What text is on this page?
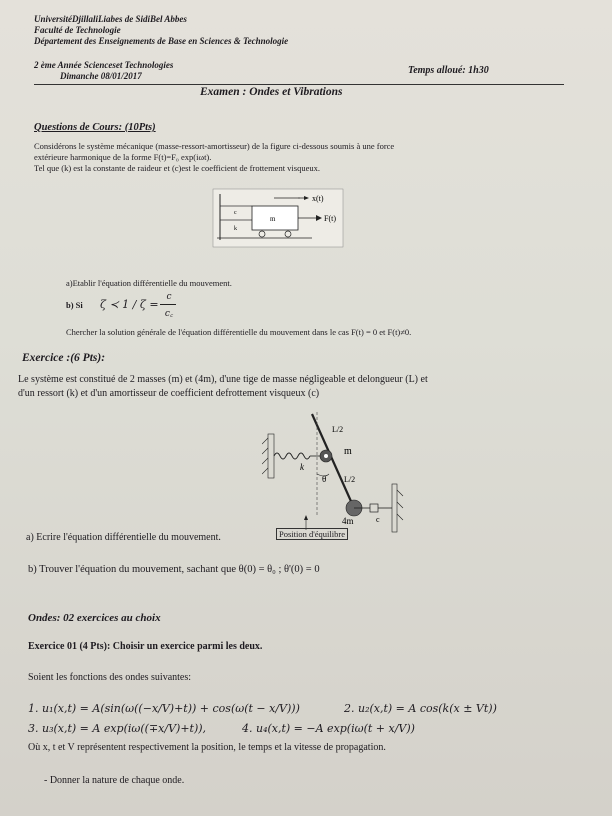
UniversitéDjillaliLiabes de SidiBel Abbes
Faculté de Technologie
Département des Enseignements de Base en Sciences & Technologie
2 ème Année Scienceset Technologies
Dimanche 08/01/2017	Temps alloué: 1h30
Examen : Ondes et Vibrations
Questions de Cours: (10Pts)
Considérons le système mécanique (masse-ressort-amortisseur) de la figure ci-dessous soumis à une force
extérieure harmonique de la forme F(t)=F₀ exp(iωt).
Tel que (k) est la constante de raideur et (c)est le coefficient de frottement visqueux.
x(t)
F(t)
m
c
k
a)Etablir l'équation différentielle du mouvement.
b) Si ζ ≺ 1 / ζ =
c
c꜀
Chercher la solution générale de l'équation différentielle du mouvement dans le cas F(t) = 0 et F(t)≠0.
Exercice :(6 Pts):
Le système est constitué de 2 masses (m) et (4m), d'une tige de masse négligeable et delongueur (L) et
d'un ressort (k) et d'un amortisseur de coefficient defrottement visqueux (c)
L/2
L/2
m
4m
k
θ
c
a) Ecrire l'équation différentielle du mouvement.	Position d'équilibre
b) Trouver l'équation du mouvement, sachant que θ(0) = θ₀ ; θ'(0) = 0
Ondes: 02 exercices au choix
Exercice 01 (4 Pts): Choisir un exercice parmi les deux.
Soient les fonctions des ondes suivantes:
1. u₁(x,t) = A(sin(ω((−x/V)+t)) + cos(ω(t − x/V)))	2. u₂(x,t) = A cos(k(x ± Vt))
3. u₃(x,t) = A exp(iω((∓x/V)+t)),	4. u₄(x,t) = −A exp(iω(t + x/V))
Où x, t et V représentent respectivement la position, le temps et la vitesse de propagation.
- Donner la nature de chaque onde.
